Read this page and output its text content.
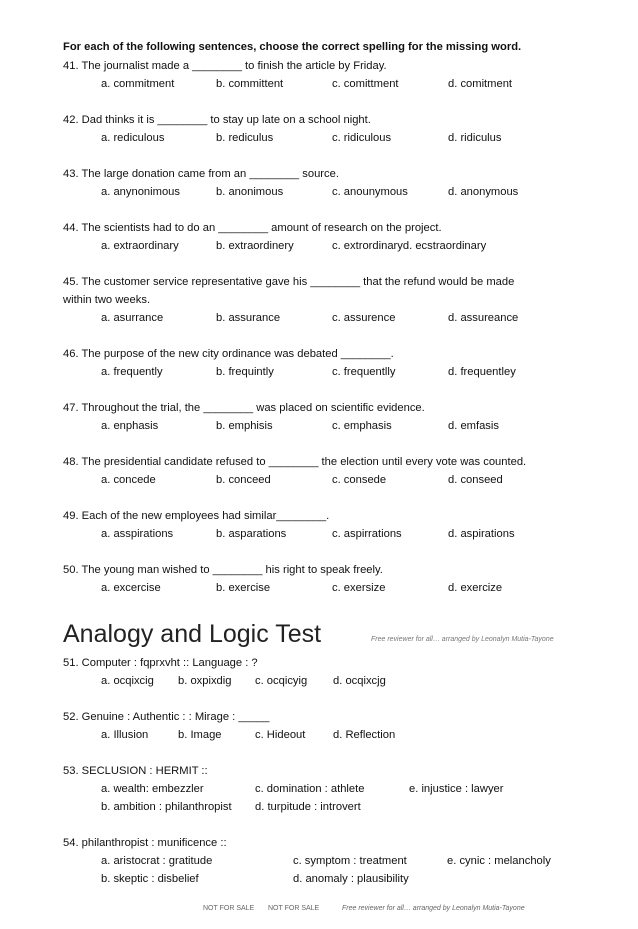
For each of the following sentences, choose the correct spelling for the missing word.
41. The journalist made a ________ to finish the article by Friday.
a. commitment	b. committent	c. comittment	d. comitment
42. Dad thinks it is ________ to stay up late on a school night.
a. rediculous	b. rediculus	c. ridiculous	d. ridiculus
43. The large donation came from an ________ source.
a. anynonimous	b. anonimous	c. anounymous	d. anonymous
44. The scientists had to do an ________ amount of research on the project.
a. extraordinary	b. extraordinery	c. extrordinaryd. ecstraordinary
45. The customer service representative gave his ________ that the refund would be made
within two weeks.
a. asurrance	b. assurance	c. assurence	d. assureance
46. The purpose of the new city ordinance was debated ________.
a. frequently	b. frequintly	c. frequentlly	d. frequentley
47. Throughout the trial, the ________ was placed on scientific evidence.
a. enphasis	b. emphisis	c. emphasis	d. emfasis
48. The presidential candidate refused to ________ the election until every vote was counted.
a. concede	b. conceed	c. consede	d. conseed
49. Each of the new employees had similar________.
a. asspirations	b. asparations	c. aspirrations	d. aspirations
50. The young man wished to ________ his right to speak freely.
a. excercise	b. exercise	c. exersize	d. exercize
Analogy and Logic Test	Free reviewer for all… arranged by Leonalyn Mutia-Tayone
51. Computer : fqprxvht :: Language : ?
a. ocqixcig b. oxpixdig c. ocqicyig d. ocqixcjg
52. Genuine : Authentic : : Mirage : _____
a. Illusion	b. Image	c. Hideout d. Reflection
53. SECLUSION : HERMIT ::
a. wealth: embezzler	c. domination : athlete	e. injustice : lawyer
b. ambition : philanthropist d. turpitude : introvert
54. philanthropist : munificence ::
a. aristocrat : gratitude	c. symptom : treatment	e. cynic : melancholy
b. skeptic : disbelief	d. anomaly : plausibility
NOT FOR SALE NOT FOR SALE	Free reviewer for all… arranged by Leonalyn Mutia-Tayone
